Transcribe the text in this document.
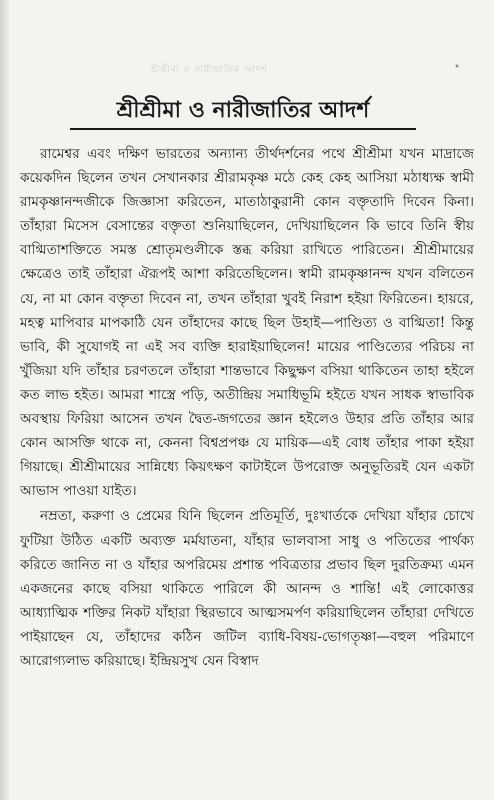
শ্রীশ্রীমা ও নারীজাতির আদর্শ	•
শ্রীশ্রীমা ও নারীজাতির আদর্শ

রামেশ্বর এবং দক্ষিণ ভারতের অন্যান্য তীর্থদর্শনের পথে শ্রীশ্রীমা যখন মাদ্রাজে কয়েকদিন ছিলেন তখন সেখানকার শ্রীরামকৃষ্ণ মঠে কেহ কেহ আসিয়া মঠাধ্যক্ষ স্বামী রামকৃষ্ণানন্দজীকে জিজ্ঞাসা করিতেন, মাতাঠাকুরানী কোন বক্তৃতাদি দিবেন কিনা। তাঁহারা মিসেস বেসান্তের বক্তৃতা শুনিয়াছিলেন, দেখিয়াছিলেন কি ভাবে তিনি স্বীয় বাগ্মিতাশক্তিতে সমস্ত শ্রোতৃমণ্ডলীকে স্তব্ধ করিয়া রাখিতে পারিতেন। শ্রীশ্রীমায়ের ক্ষেত্রেও তাই তাঁহারা ঐরূপই আশা করিতেছিলেন। স্বামী রামকৃষ্ণানন্দ যখন বলিতেন যে, না মা কোন বক্তৃতা দিবেন না, তখন তাঁহারা খুবই নিরাশ হইয়া ফিরিতেন। হায়রে, মহত্ব মাপিবার মাপকাঠি যেন তাঁহাদের কাছে ছিল উহাই—পাণ্ডিত্য ও বাগ্মিতা! কিন্তু ভাবি, কী সুযোগই না এই সব ব্যক্তি হারাইয়াছিলেন! মায়ের পাণ্ডিত্যের পরিচয় না খুঁজিয়া যদি তাঁহার চরণতলে তাঁহারা শান্তভাবে কিছুক্ষণ বসিয়া থাকিতেন তাহা হইলে কত লাভ হইত। আমরা শাস্ত্রে পড়ি, অতীন্দ্রিয় সমাধিভূমি হইতে যখন সাধক স্বাভাবিক অবস্থায় ফিরিয়া আসেন তখন দ্বৈত-জগতের জ্ঞান হইলেও উহার প্রতি তাঁহার আর কোন আসক্তি থাকে না, কেননা বিশ্বপ্রপঞ্চ যে মায়িক—এই বোধ তাঁহার পাকা হইয়া গিয়াছে। শ্রীশ্রীমায়ের সান্নিধ্যে কিয়ৎক্ষণ কাটাইলে উপরোক্ত অনুভূতিরই যেন একটা আভাস পাওয়া যাইত।

নম্রতা, করুণা ও প্রেমের যিনি ছিলেন প্রতিমূর্তি, দুঃখার্তকে দেখিয়া যাঁহার চোখে ফুটিয়া উঠিত একটি অব্যক্ত মর্মযাতনা, যাঁহার ভালবাসা সাধু ও পতিতের পার্থক্য করিতে জানিত না ও যাঁহার অপরিমেয় প্রশান্ত পবিত্রতার প্রভাব ছিল দুরতিক্রম্য এমন একজনের কাছে বসিয়া থাকিতে পারিলে কী আনন্দ ও শান্তি! এই লোকোত্তর আধ্যাত্মিক শক্তির নিকট যাঁহারা স্থিরভাবে আত্মসমর্পণ করিয়াছিলেন তাঁহারা দেখিতে পাইয়াছেন যে, তাঁহাদের কঠিন জটিল ব্যাধি-বিষয়-ভোগতৃষ্ণা—বহুল পরিমাণে আরোগ্যলাভ করিয়াছে। ইন্দ্রিয়সুখ যেন বিস্বাদ
